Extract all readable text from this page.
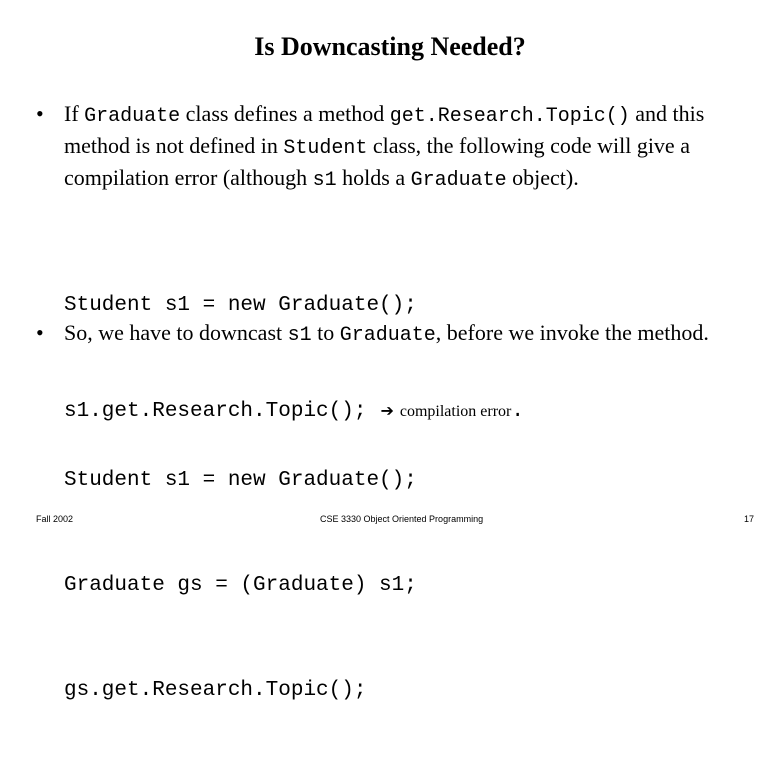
Is Downcasting Needed?
• If Graduate class defines a method get.Research.Topic() and this method is not defined in Student class, the following code will give a compilation error (although s1 holds a Graduate object).

Student s1 = new Graduate();

s1.get.Research.Topic(); ➔ compilation error.

• So, we have to downcast s1 to Graduate, before we invoke the method.

Student s1 = new Graduate();

Graduate gs = (Graduate) s1;

gs.get.Research.Topic();

Fall 2002	CSE 3330 Object Oriented Programming	17
